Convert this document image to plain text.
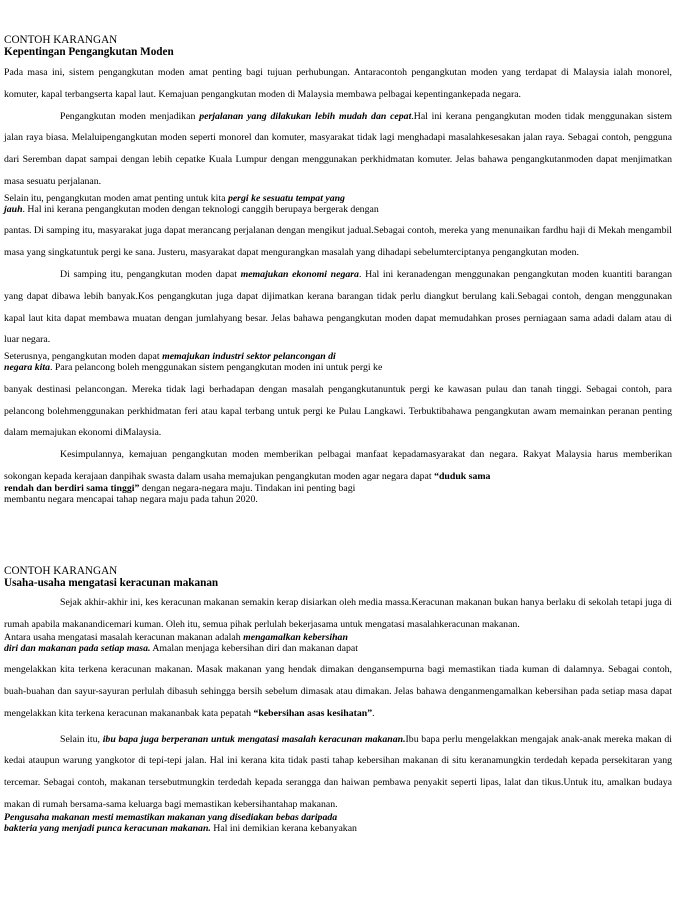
CONTOH KARANGAN
Kepentingan Pengangkutan Moden
Pada masa ini, sistem pengangkutan moden amat penting bagi tujuan perhubungan. Antaracontoh pengangkutan moden yang terdapat di Malaysia ialah monorel, komuter, kapal terbangserta kapal laut. Kemajuan pengangkutan moden di Malaysia membawa pelbagai kepentingankepada negara.
Pengangkutan moden menjadikan perjalanan yang dilakukan lebih mudah dan cepat.Hal ini kerana pengangkutan moden tidak menggunakan sistem jalan raya biasa. Melaluipengangkutan moden seperti monorel dan komuter, masyarakat tidak lagi menghadapi masalahkesesakan jalan raya. Sebagai contoh, pengguna dari Seremban dapat sampai dengan lebih cepatke Kuala Lumpur dengan menggunakan perkhidmatan komuter. Jelas bahawa pengangkutanmoden dapat menjimatkan masa sesuatu perjalanan.
Selain itu, pengangkutan moden amat penting untuk kita pergi ke sesuatu tempat yang
jauh. Hal ini kerana pengangkutan moden dengan teknologi canggih berupaya bergerak dengan
pantas. Di samping itu, masyarakat juga dapat merancang perjalanan dengan mengikut jadual.Sebagai contoh, mereka yang menunaikan fardhu haji di Mekah mengambil masa yang singkatuntuk pergi ke sana. Justeru, masyarakat dapat mengurangkan masalah yang dihadapi sebelumterciptanya pengangkutan moden.
Di samping itu, pengangkutan moden dapat memajukan ekonomi negara. Hal ini keranadengan menggunakan pengangkutan moden kuantiti barangan yang dapat dibawa lebih banyak.Kos pengangkutan juga dapat dijimatkan kerana barangan tidak perlu diangkut berulang kali.Sebagai contoh, dengan menggunakan kapal laut kita dapat membawa muatan dengan jumlahyang besar. Jelas bahawa pengangkutan moden dapat memudahkan proses perniagaan sama adadi dalam atau di luar negara.
Seterusnya, pengangkutan moden dapat memajukan industri sektor pelancongan di
negara kita. Para pelancong boleh menggunakan sistem pengangkutan moden ini untuk pergi ke
banyak destinasi pelancongan. Mereka tidak lagi berhadapan dengan masalah pengangkutanuntuk pergi ke kawasan pulau dan tanah tinggi. Sebagai contoh, para pelancong bolehmenggunakan perkhidmatan feri atau kapal terbang untuk pergi ke Pulau Langkawi. Terbuktibahawa pengangkutan awam memainkan peranan penting dalam memajukan ekonomi diMalaysia.
Kesimpulannya, kemajuan pengangkutan moden memberikan pelbagai manfaat kepadamasyarakat dan negara. Rakyat Malaysia harus memberikan sokongan kepada kerajaan danpihak swasta dalam usaha memajukan pengangkutan moden agar negara dapat “duduk sama
rendah dan berdiri sama tinggi” dengan negara-negara maju. Tindakan ini penting bagi
membantu negara mencapai tahap negara maju pada tahun 2020.
CONTOH KARANGAN
Usaha-usaha mengatasi keracunan makanan
Sejak akhir-akhir ini, kes keracunan makanan semakin kerap disiarkan oleh media massa.Keracunan makanan bukan hanya berlaku di sekolah tetapi juga di rumah apabila makanandicemari kuman. Oleh itu, semua pihak perlulah bekerjasama untuk mengatasi masalahkeracunan makanan.
Antara usaha mengatasi masalah keracunan makanan adalah mengamalkan kebersihan
diri dan makanan pada setiap masa. Amalan menjaga kebersihan diri dan makanan dapat
mengelakkan kita terkena keracunan makanan. Masak makanan yang hendak dimakan dengansempurna bagi memastikan tiada kuman di dalamnya. Sebagai contoh, buah-buahan dan sayur-sayuran perlulah dibasuh sehingga bersih sebelum dimasak atau dimakan. Jelas bahawa denganmengamalkan kebersihan pada setiap masa dapat mengelakkan kita terkena keracunan makananbak kata pepatah “kebersihan asas kesihatan”.
Selain itu, ibu bapa juga berperanan untuk mengatasi masalah keracunan makanan.Ibu bapa perlu mengelakkan mengajak anak-anak mereka makan di kedai ataupun warung yangkotor di tepi-tepi jalan. Hal ini kerana kita tidak pasti tahap kebersihan makanan di situ keranamungkin terdedah kepada persekitaran yang tercemar. Sebagai contoh, makanan tersebutmungkin terdedah kepada serangga dan haiwan pembawa penyakit seperti lipas, lalat dan tikus.Untuk itu, amalkan budaya makan di rumah bersama-sama keluarga bagi memastikan kebersihantahap makanan.
Pengusaha makanan mesti memastikan makanan yang disediakan bebas daripada
bakteria yang menjadi punca keracunan makanan. Hal ini demikian kerana kebanyakan
